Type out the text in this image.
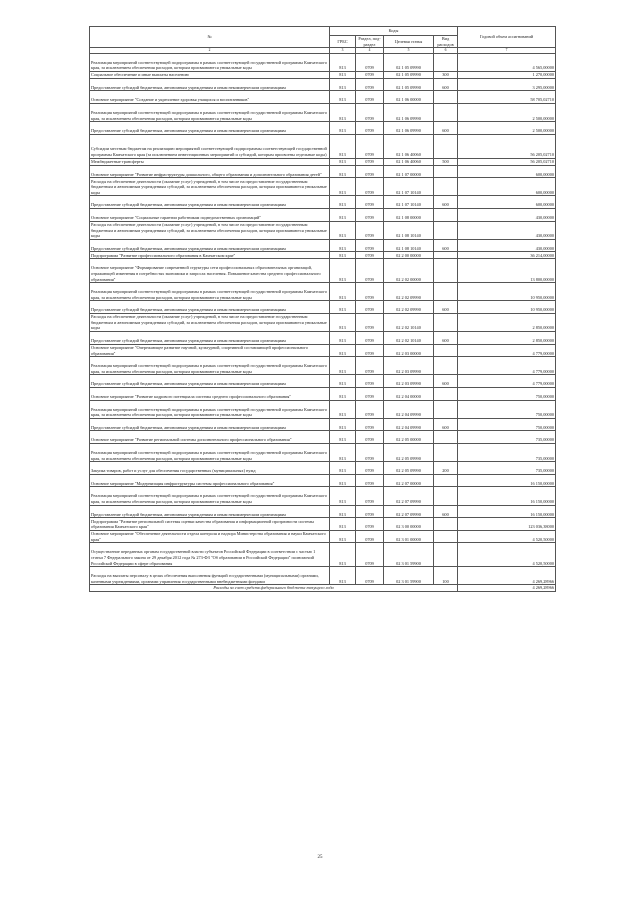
№	Коды				Годовой объем ассигнований
	ГРБС	Раздел, под-раздел	Целевая статья	Вид расходов	
2	3	4	5	6	7
Реализация мероприятий соответствующей подпрограммы в рамках соответствующей государственной программы Камчатского края, за исключением обеспечения расходов, которым присваиваются уникальные коды	813	0709	02 1 05 09990		4 565,00000
Социальное обеспечение и иные выплаты населению	813	0709	02 1 05 09990	300	1 270,00000
Предоставление субсидий бюджетным, автономным учреждениям и иным некоммерческим организациям	813	0709	02 1 05 09990	600	3 295,00000
Основное мероприятие "Создание и укрепление здоровья учащихся и воспитанников"	813	0709	02 1 06 00000		58 705,02710
Реализация мероприятий соответствующей подпрограммы в рамках соответствующей государственной программы Камчатского края, за исключением обеспечения расходов, которым присваиваются уникальные коды	813	0709	02 1 06 09990		2 500,00000
Предоставление субсидий бюджетным, автономным учреждениям и иным некоммерческим организациям	813	0709	02 1 06 09990	600	2 500,00000
Субсидии местным бюджетам на реализацию мероприятий соответствующей подпрограммы соответствующей государственной программы Камчатского края (за исключением инвестиционных мероприятий и субсидий, которым присвоены отдельные коды)	813	0709	02 1 06 40060		56 205,02710
Межбюджетные трансферты	813	0709	02 1 06 40060	500	56 205,02710
Основное мероприятие "Развитие инфраструктуры дошкольного, общего образования и дополнительного образования детей"	813	0709	02 1 07 00000		600,00000
Расходы на обеспечение деятельности (оказание услуг) учреждений, в том числе на предоставление государственным бюджетным и автономным учреждениям субсидий, за исключением обеспечения расходов, которым присваиваются уникальные коды	813	0709	02 1 07 10140		600,00000
Предоставление субсидий бюджетным, автономным учреждениям и иным некоммерческим организациям	813	0709	02 1 07 10140	600	600,00000
Основное мероприятие "Социальные гарантии работникам подведомственных организаций"	813	0709	02 1 08 00000		430,00000
Расходы на обеспечение деятельности (оказание услуг) учреждений, в том числе на предоставление государственным бюджетным и автономным учреждениям субсидий, за исключением обеспечения расходов, которым присваиваются уникальные коды	813	0709	02 1 08 10140		430,00000
Предоставление субсидий бюджетным, автономным учреждениям и иным некоммерческим организациям	813	0709	02 1 08 10140	600	430,00000
Подпрограмма "Развитие профессионального образования в Камчатском крае"	813	0709	02 2 00 00000		36 214,00000
Основное мероприятие "Формирование современной структуры сети профессиональных образовательных организаций, отражающей изменения в потребностях экономики и запросах населения. Повышение качества среднего профессионального образования"	813	0709	02 2 02 00000		13 800,00000
Реализация мероприятий соответствующей подпрограммы в рамках соответствующей государственной программы Камчатского края, за исключением обеспечения расходов, которым присваиваются уникальные коды	813	0709	02 2 02 09990		10 950,00000
Предоставление субсидий бюджетным, автономным учреждениям и иным некоммерческим организациям	813	0709	02 2 02 09990	600	10 950,00000
Расходы на обеспечение деятельности (оказание услуг) учреждений, в том числе на предоставление государственным бюджетным и автономным учреждениям субсидий, за исключением обеспечения расходов, которым присваиваются уникальные коды	813	0709	02 2 02 10140		2 850,00000
Предоставление субсидий бюджетным, автономным учреждениям и иным некоммерческим организациям	813	0709	02 2 02 10140	600	2 850,00000
Основное мероприятие "Опережающее развитие научной, культурной, спортивной составляющей профессионального образования"	813	0709	02 2 03 00000		4 779,00000
Реализация мероприятий соответствующей подпрограммы в рамках соответствующей государственной программы Камчатского края, за исключением обеспечения расходов, которым присваиваются уникальные коды	813	0709	02 2 03 09990		4 779,00000
Предоставление субсидий бюджетным, автономным учреждениям и иным некоммерческим организациям	813	0709	02 2 03 09990	600	4 779,00000
Основное мероприятие "Развитие кадрового потенциала системы среднего профессионального образования"	813	0709	02 2 04 00000		750,00000
Реализация мероприятий соответствующей подпрограммы в рамках соответствующей государственной программы Камчатского края, за исключением обеспечения расходов, которым присваиваются уникальные коды	813	0709	02 2 04 09990		750,00000
Предоставление субсидий бюджетным, автономным учреждениям и иным некоммерческим организациям	813	0709	02 2 04 09990	600	750,00000
Основное мероприятие "Развитие региональной системы дополнительного профессионального образования"	813	0709	02 2 05 00000		735,00000
Реализация мероприятий соответствующей подпрограммы в рамках соответствующей государственной программы Камчатского края, за исключением обеспечения расходов, которым присваиваются уникальные коды	813	0709	02 2 05 09990		735,00000
Закупка товаров, работ и услуг для обеспечения государственных (муниципальных) нужд	813	0709	02 2 05 09990	200	735,00000
Основное мероприятие "Модернизация инфраструктуры системы профессионального образования"	813	0709	02 2 07 00000		16 150,00000
Реализация мероприятий соответствующей подпрограммы в рамках соответствующей государственной программы Камчатского края, за исключением обеспечения расходов, которым присваиваются уникальные коды	813	0709	02 2 07 09990		16 150,00000
Предоставление субсидий бюджетным, автономным учреждениям и иным некоммерческим организациям	813	0709	02 2 07 09990	600	16 150,00000
Подпрограмма "Развитие региональной системы оценки качества образования и информационной прозрачности системы образования Камчатского края"	813	0709	02 3 00 00000		123 036,38000
Основное мероприятие "Обеспечение деятельности отдела контроля и надзора Министерства образования и науки Камчатского края"	813	0709	02 3 01 00000		4 520,50000
Осуществление переданных органам государственной власти субъектов Российской Федерации в соответствии с частью 1 статьи 7 Федерального закона от 29 декабря 2012 года № 273-ФЗ "Об образовании в Российской Федерации" полномочий Российской Федерации в сфере образования	813	0709	02 3 01 59900		4 520,50000
Расходы на выплаты персоналу в целях обеспечения выполнения функций государственными (муниципальными) органами, казенными учреждениями, органами управления государственными внебюджетными фондами	813	0709	02 3 01 59900	100	4 269,28966
Расходы за счет средств федерального бюджета текущего года					4 269,28966
25
